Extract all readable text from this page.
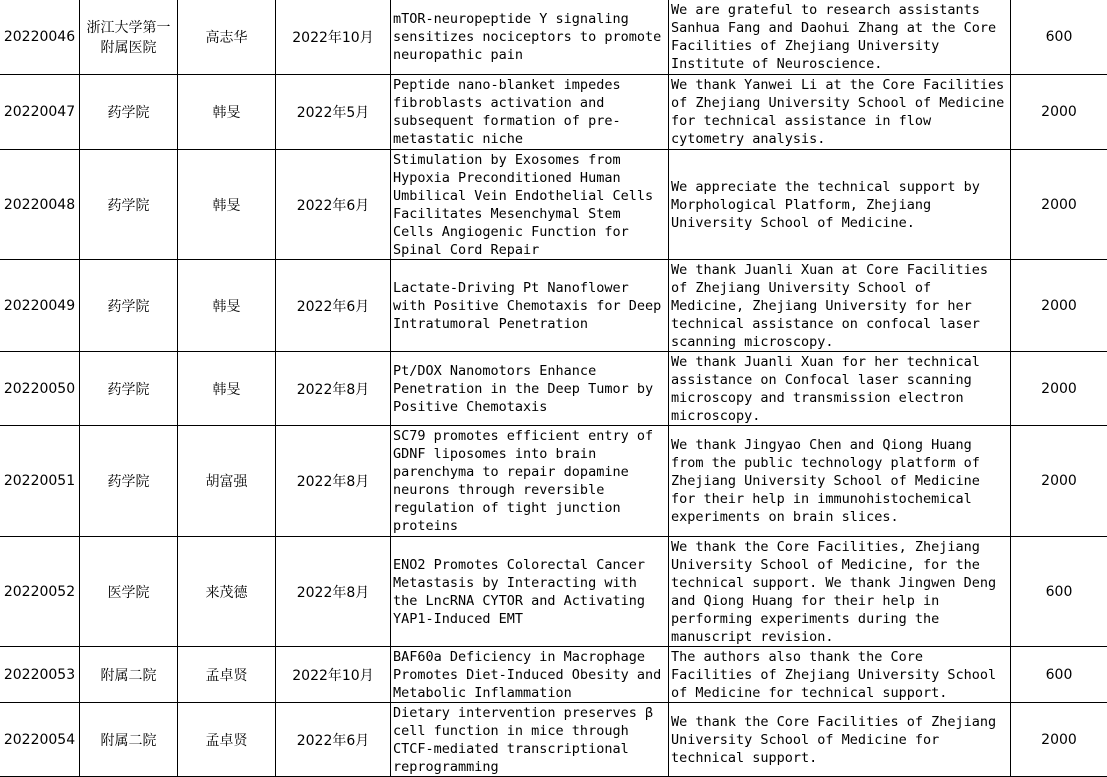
20220046	浙江大学第一附属医院	高志华	2022年10月	mTOR-neuropeptide Y signaling sensitizes nociceptors to promote neuropathic pain	We are grateful to research assistants Sanhua Fang and Daohui Zhang at the Core Facilities of Zhejiang University Institute of Neuroscience.	600
20220047	药学院	韩旻	2022年5月	Peptide nano-blanket impedes fibroblasts activation and subsequent formation of pre-metastatic niche	We thank Yanwei Li at the Core Facilities of Zhejiang University School of Medicine for technical assistance in flow cytometry analysis.	2000
20220048	药学院	韩旻	2022年6月	Stimulation by Exosomes from Hypoxia Preconditioned Human Umbilical Vein Endothelial Cells Facilitates Mesenchymal Stem Cells Angiogenic Function for Spinal Cord Repair	We appreciate the technical support by Morphological Platform, Zhejiang University School of Medicine.	2000
20220049	药学院	韩旻	2022年6月	Lactate-Driving Pt Nanoflower with Positive Chemotaxis for Deep Intratumoral Penetration	We thank Juanli Xuan at Core Facilities of Zhejiang University School of Medicine, Zhejiang University for her technical assistance on confocal laser scanning microscopy.	2000
20220050	药学院	韩旻	2022年8月	Pt/DOX Nanomotors Enhance Penetration in the Deep Tumor by Positive Chemotaxis	We thank Juanli Xuan for her technical assistance on Confocal laser scanning microscopy and transmission electron microscopy.	2000
20220051	药学院	胡富强	2022年8月	SC79 promotes efficient entry of GDNF liposomes into brain parenchyma to repair dopamine neurons through reversible regulation of tight junction proteins	We thank Jingyao Chen and Qiong Huang from the public technology platform of Zhejiang University School of Medicine for their help in immunohistochemical experiments on brain slices.	2000
20220052	医学院	来茂德	2022年8月	ENO2 Promotes Colorectal Cancer Metastasis by Interacting with the LncRNA CYTOR and Activating YAP1-Induced EMT	We thank the Core Facilities, Zhejiang University School of Medicine, for the technical support. We thank Jingwen Deng and Qiong Huang for their help in performing experiments during the manuscript revision.	600
20220053	附属二院	孟卓贤	2022年10月	BAF60a Deficiency in Macrophage Promotes Diet-Induced Obesity and Metabolic Inflammation	The authors also thank the Core Facilities of Zhejiang University School of Medicine for technical support.	600
20220054	附属二院	孟卓贤	2022年6月	Dietary intervention preserves β cell function in mice through CTCF-mediated transcriptional reprogramming	We thank the Core Facilities of Zhejiang University School of Medicine for technical support.	2000
